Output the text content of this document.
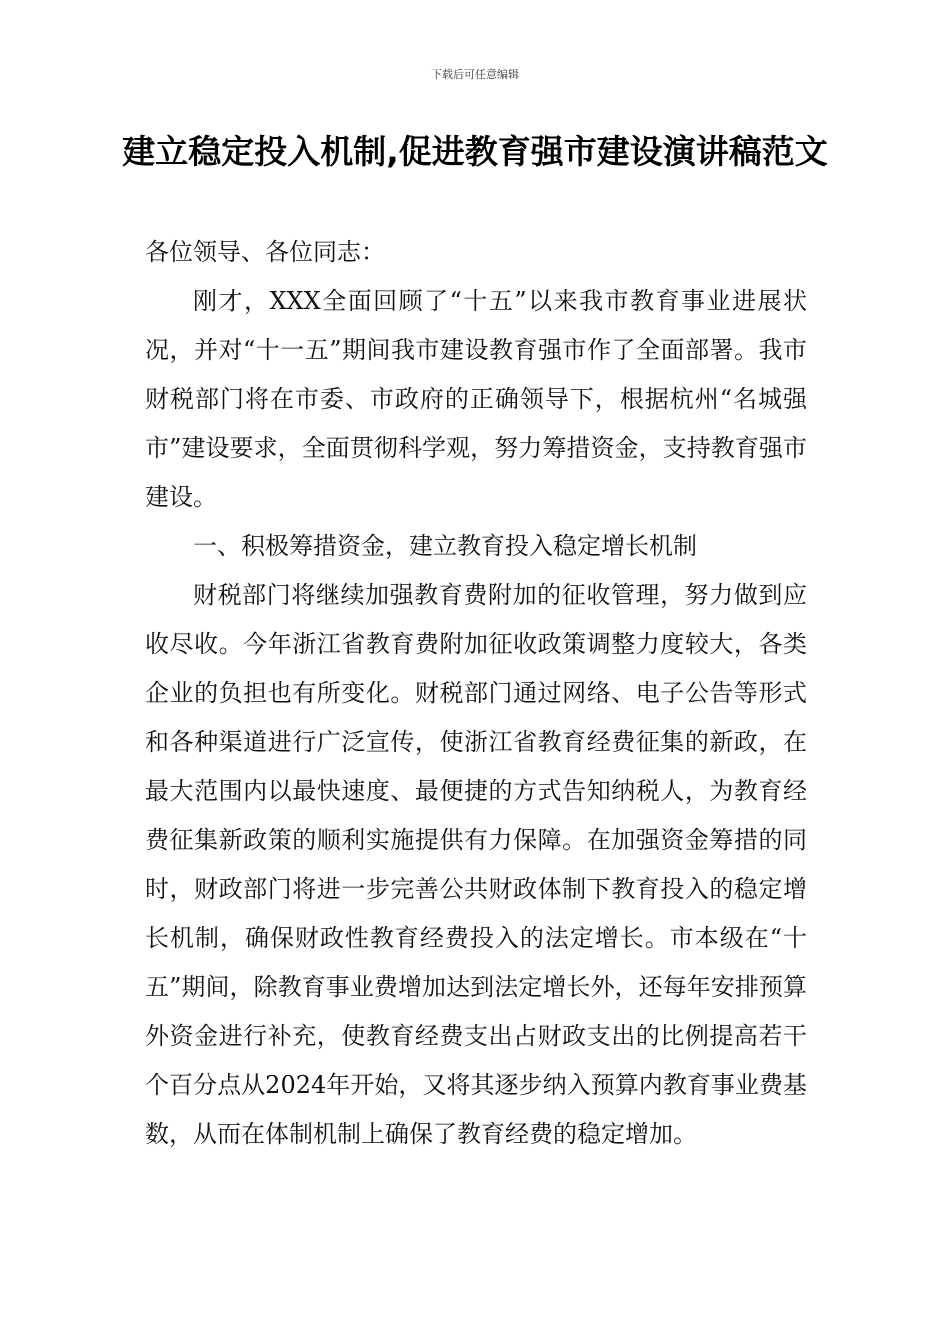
下载后可任意编辑
建立稳定投入机制,促进教育强市建设演讲稿范文

各位领导、各位同志：

刚才，XXX全面回顾了“十五”以来我市教育事业进展状况，并对“十一五”期间我市建设教育强市作了全面部署。我市财税部门将在市委、市政府的正确领导下，根据杭州“名城强市”建设要求，全面贯彻科学观，努力筹措资金，支持教育强市建设。

一、积极筹措资金，建立教育投入稳定增长机制

财税部门将继续加强教育费附加的征收管理，努力做到应收尽收。今年浙江省教育费附加征收政策调整力度较大，各类企业的负担也有所变化。财税部门通过网络、电子公告等形式和各种渠道进行广泛宣传，使浙江省教育经费征集的新政，在最大范围内以最快速度、最便捷的方式告知纳税人，为教育经费征集新政策的顺利实施提供有力保障。在加强资金筹措的同时，财政部门将进一步完善公共财政体制下教育投入的稳定增长机制，确保财政性教育经费投入的法定增长。市本级在“十五”期间，除教育事业费增加达到法定增长外，还每年安排预算外资金进行补充，使教育经费支出占财政支出的比例提高若干个百分点从2024年开始，又将其逐步纳入预算内教育事业费基数，从而在体制机制上确保了教育经费的稳定增加。
